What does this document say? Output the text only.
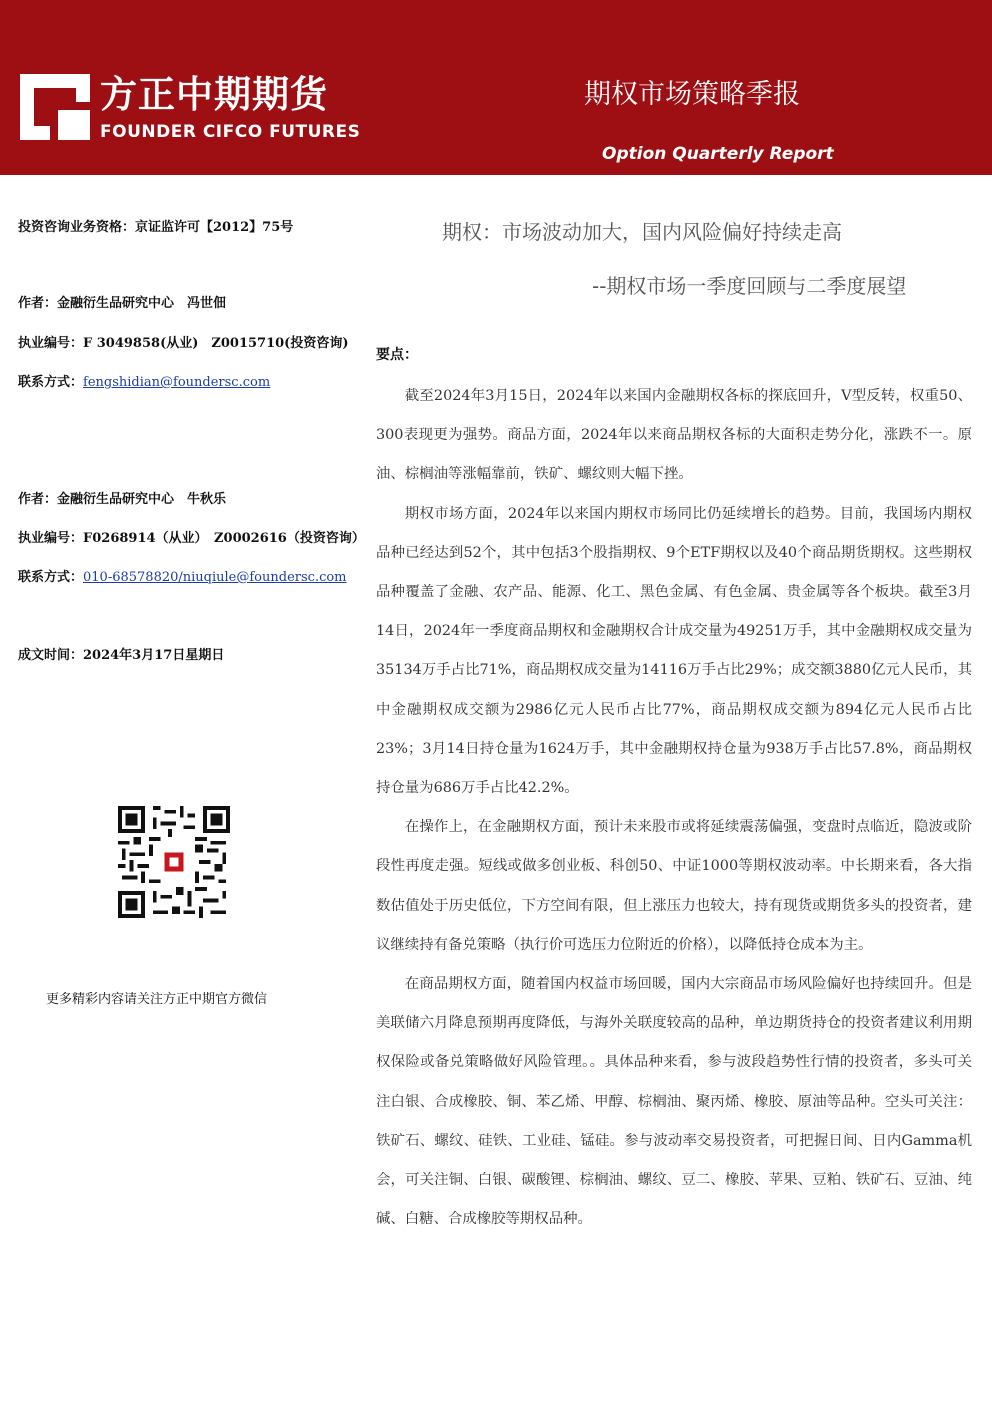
方正中期期货
FOUNDER CIFCO FUTURES
期权市场策略季报
Option Quarterly Report
投资咨询业务资格：京证监许可【2012】75号
作者：金融衍生品研究中心　冯世佃
执业编号：F 3049858(从业)　Z0015710(投资咨询)
联系方式：fengshidian@foundersc.com
作者：金融衍生品研究中心　牛秋乐
执业编号：F0268914（从业）　Z0002616（投资咨询）
联系方式：010-68578820/niuqiule@foundersc.com
成文时间：2024年3月17日星期日
更多精彩内容请关注方正中期官方微信
期权：市场波动加大，国内风险偏好持续走高
--期权市场一季度回顾与二季度展望
要点：

截至2024年3月15日，2024年以来国内金融期权各标的探底回升，V型反转，权重50、300表现更为强势。商品方面，2024年以来商品期权各标的大面积走势分化，涨跌不一。原油、棕榈油等涨幅靠前，铁矿、螺纹则大幅下挫。

期权市场方面，2024年以来国内期权市场同比仍延续增长的趋势。目前，我国场内期权品种已经达到52个，其中包括3个股指期权、9个ETF期权以及40个商品期货期权。这些期权品种覆盖了金融、农产品、能源、化工、黑色金属、有色金属、贵金属等各个板块。截至3月14日，2024年一季度商品期权和金融期权合计成交量为49251万手，其中金融期权成交量为35134万手占比71%，商品期权成交量为14116万手占比29%；成交额3880亿元人民币，其中金融期权成交额为2986亿元人民币占比77%，商品期权成交额为894亿元人民币占比23%；3月14日持仓量为1624万手，其中金融期权持仓量为938万手占比57.8%，商品期权持仓量为686万手占比42.2%。

在操作上，在金融期权方面，预计未来股市或将延续震荡偏强，变盘时点临近，隐波或阶段性再度走强。短线或做多创业板、科创50、中证1000等期权波动率。中长期来看，各大指数估值处于历史低位，下方空间有限，但上涨压力也较大，持有现货或期货多头的投资者，建议继续持有备兑策略（执行价可选压力位附近的价格），以降低持仓成本为主。

在商品期权方面，随着国内权益市场回暖，国内大宗商品市场风险偏好也持续回升。但是美联储六月降息预期再度降低，与海外关联度较高的品种，单边期货持仓的投资者建议利用期权保险或备兑策略做好风险管理。。具体品种来看，参与波段趋势性行情的投资者，多头可关注白银、合成橡胶、铜、苯乙烯、甲醇、棕榈油、聚丙烯、橡胶、原油等品种。空头可关注：铁矿石、螺纹、硅铁、工业硅、锰硅。参与波动率交易投资者，可把握日间、日内Gamma机会，可关注铜、白银、碳酸锂、棕榈油、螺纹、豆二、橡胶、苹果、豆粕、铁矿石、豆油、纯碱、白糖、合成橡胶等期权品种。
